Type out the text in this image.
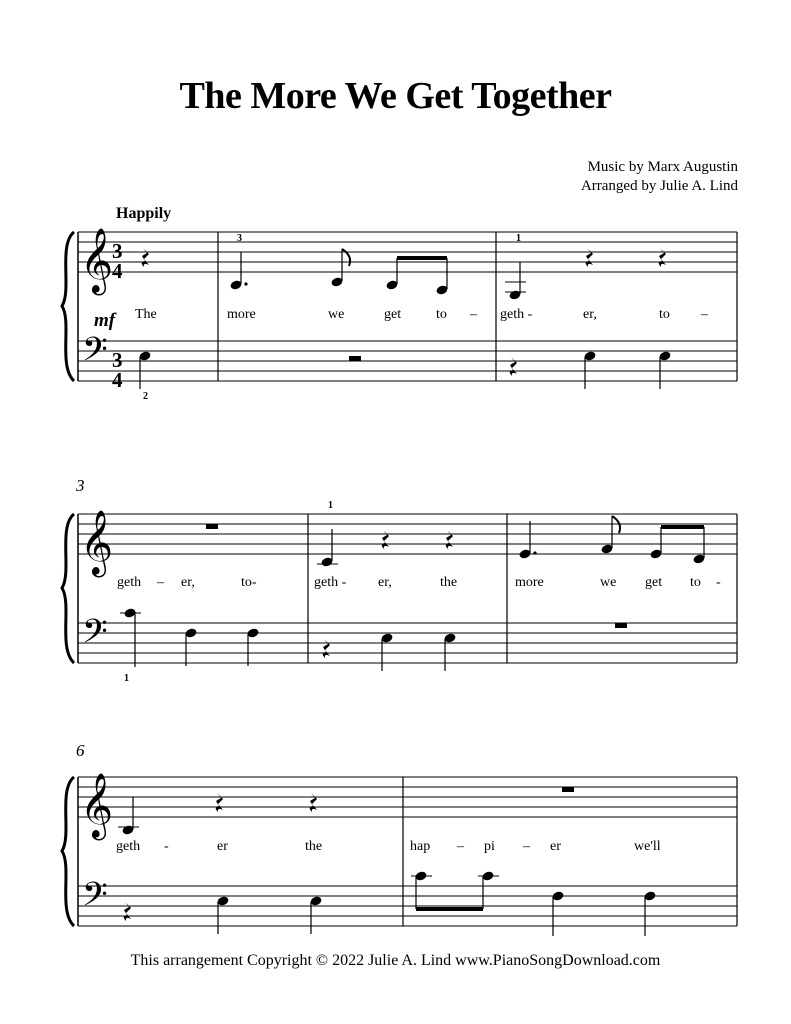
The More We Get Together
Music by Marx Augustin
Arranged by Julie A. Lind
Happily
𝄞
𝄢
3
4
3
4
2
3	1
mf The	more	we	get to – geth -	er,	to –
3
𝄞
𝄢
1
1
geth – er,	to-	geth - er,	the	more	we get to -
6
𝄞
𝄢
geth -	er	the	hap – pi – er	we'll
This arrangement Copyright © 2022 Julie A. Lind www.PianoSongDownload.com
